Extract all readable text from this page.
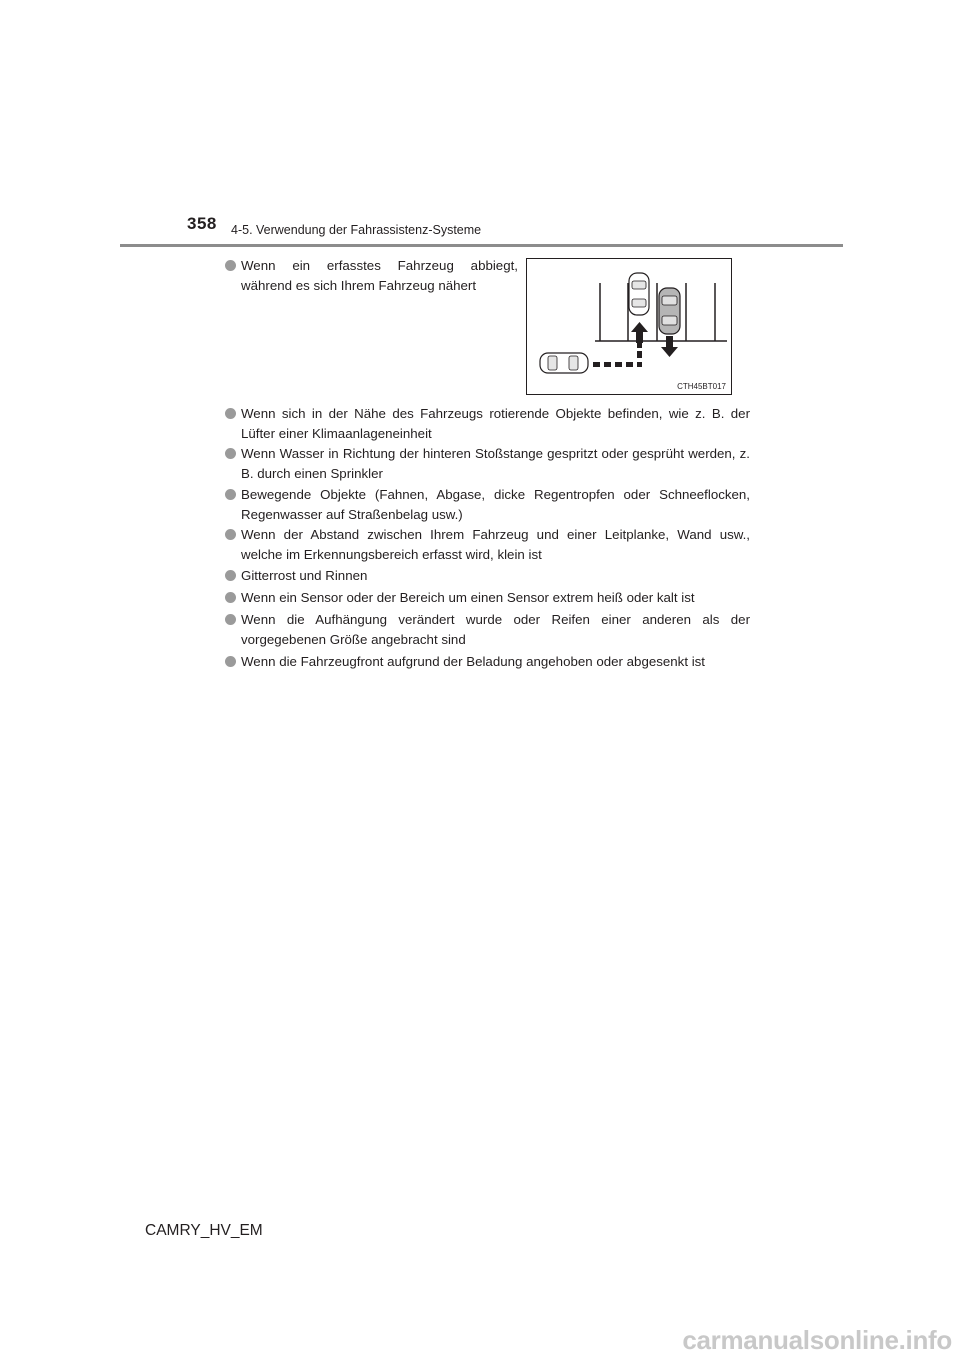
358 4-5. Verwendung der Fahrassistenz-Systeme
Wenn ein erfasstes Fahrzeug abbiegt, während es sich Ihrem Fahrzeug nähert
CTH45BT017
Wenn sich in der Nähe des Fahrzeugs rotierende Objekte befinden, wie z. B. der Lüfter einer Klimaanlageneinheit
Wenn Wasser in Richtung der hinteren Stoßstange gespritzt oder gesprüht werden, z. B. durch einen Sprinkler
Bewegende Objekte (Fahnen, Abgase, dicke Regentropfen oder Schneeflocken, Regenwasser auf Straßenbelag usw.)
Wenn der Abstand zwischen Ihrem Fahrzeug und einer Leitplanke, Wand usw., welche im Erkennungsbereich erfasst wird, klein ist
Gitterrost und Rinnen
Wenn ein Sensor oder der Bereich um einen Sensor extrem heiß oder kalt ist
Wenn die Aufhängung verändert wurde oder Reifen einer anderen als der vorgegebenen Größe angebracht sind
Wenn die Fahrzeugfront aufgrund der Beladung angehoben oder abgesenkt ist
CAMRY_HV_EM
carmanualsonline.info
